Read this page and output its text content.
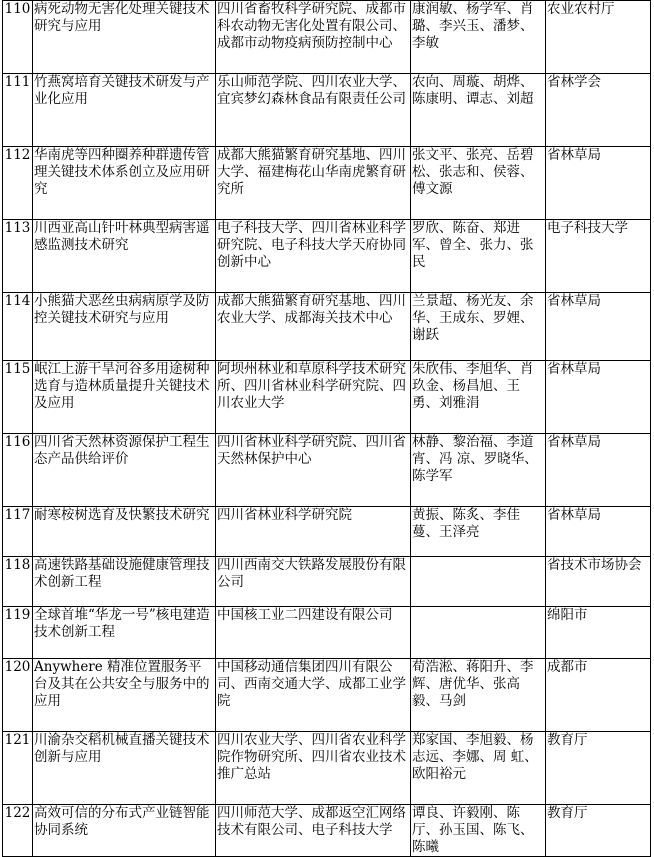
110	病死动物无害化处理关键技术研究与应用	四川省畜牧科学研究院、成都市科农动物无害化处置有限公司、成都市动物疫病预防控制中心	康润敏、杨学军、肖璐、李兴玉、潘梦、李敏	农业农村厅
111	竹燕窝培育关键技术研发与产业化应用	乐山师范学院、四川农业大学、宜宾梦幻森林食品有限责任公司	农向、周璇、胡烨、陈康明、谭志、刘超	省林学会
112	华南虎等四种圈养种群遗传管理关键技术体系创立及应用研究	成都大熊猫繁育研究基地、四川大学、福建梅花山华南虎繁育研究所	张文平、张亮、岳碧松、张志和、侯蓉、傅文源	省林草局
113	川西亚高山针叶林典型病害遥感监测技术研究	电子科技大学、四川省林业科学研究院、电子科技大学天府协同创新中心	罗欣、陈奋、郑进军、曾全、张力、张民	电子科技大学
114	小熊猫犬恶丝虫病病原学及防控关键技术研究与应用	成都大熊猫繁育研究基地、四川农业大学、成都海关技术中心	兰景超、杨光友、余华、王成东、罗娌、谢跃	省林草局
115	岷江上游干旱河谷多用途树种选育与造林质量提升关键技术及应用	阿坝州林业和草原科学技术研究所、四川省林业科学研究院、四川农业大学	朱欣伟、李旭华、肖玖金、杨昌旭、王勇、刘雅涓	省林草局
116	四川省天然林资源保护工程生态产品供给评价	四川省林业科学研究院、四川省天然林保护中心	林静、黎治福、李道宵、冯 凉、罗晓华、陈学军	省林草局
117	耐寒桉树选育及快繁技术研究	四川省林业科学研究院	黄振、陈炙、李佳蔓、王泽亮	省林草局
118	高速铁路基础设施健康管理技术创新工程	四川西南交大铁路发展股份有限公司		省技术市场协会
119	全球首堆“华龙一号”核电建造技术创新工程	中国核工业二四建设有限公司		绵阳市
120	Anywhere 精准位置服务平台及其在公共安全与服务中的应用	中国移动通信集团四川有限公司、西南交通大学、成都工业学院	荀浩淞、蒋阳升、李辉、唐优华、张高毅、马剑	成都市
121	川渝杂交稻机械直播关键技术创新与应用	四川农业大学、四川省农业科学院作物研究所、四川省农业技术推广总站	郑家国、李旭毅、杨志远、李娜、周 虹、欧阳裕元	教育厅
122	高效可信的分布式产业链智能协同系统	四川师范大学、成都返空汇网络技术有限公司、电子科技大学	谭良、许毅刚、陈厅、孙玉国、陈飞、陈曦	教育厅
